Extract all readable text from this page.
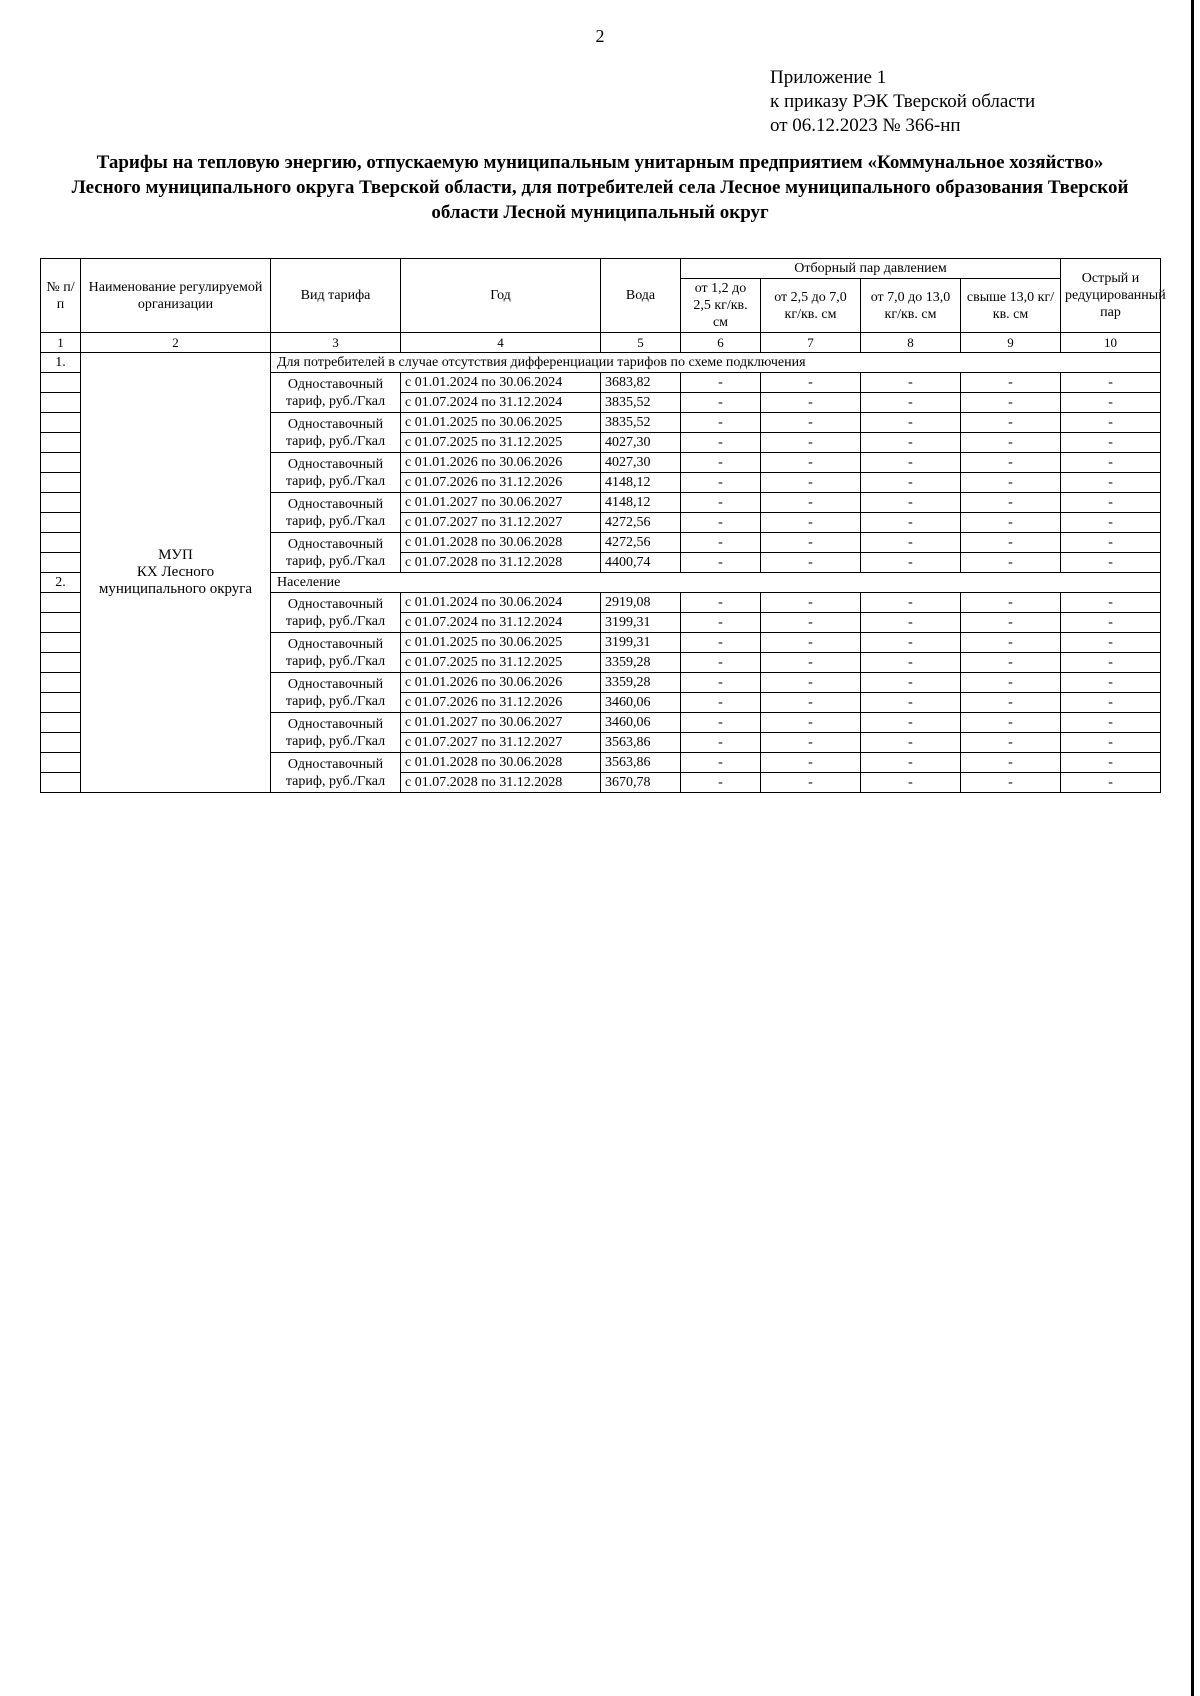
2
Приложение 1
к приказу РЭК Тверской области
от 06.12.2023 № 366-нп
Тарифы на тепловую энергию, отпускаемую муниципальным унитарным предприятием «Коммунальное хозяйство» Лесного муниципального округа Тверской области, для потребителей села Лесное муниципального образования Тверской области Лесной муниципальный округ
№ п/п	Наименование регулируемой организации	Вид тарифа	Год	Вода	Отборный пар давлением				Острый и редуцированный пар
					от 1,2 до 2,5 кг/кв. см	от 2,5 до 7,0 кг/кв. см	от 7,0 до 13,0 кг/кв. см	свыше 13,0 кг/кв. см	
1	2	3	4	5	6	7	8	9	10
1.	МУП
КХ Лесного
муниципального округа	Для потребителей в случае отсутствия дифференциации тарифов по схеме подключения							
		Одноставочный тариф, руб./Гкал	с 01.01.2024 по 30.06.2024	3683,82	-	-	-	-	-
			с 01.07.2024 по 31.12.2024	3835,52	-	-	-	-	-
		Одноставочный тариф, руб./Гкал	с 01.01.2025 по 30.06.2025	3835,52	-	-	-	-	-
			с 01.07.2025 по 31.12.2025	4027,30	-	-	-	-	-
		Одноставочный тариф, руб./Гкал	с 01.01.2026 по 30.06.2026	4027,30	-	-	-	-	-
			с 01.07.2026 по 31.12.2026	4148,12	-	-	-	-	-
		Одноставочный тариф, руб./Гкал	с 01.01.2027 по 30.06.2027	4148,12	-	-	-	-	-
			с 01.07.2027 по 31.12.2027	4272,56	-	-	-	-	-
		Одноставочный тариф, руб./Гкал	с 01.01.2028 по 30.06.2028	4272,56	-	-	-	-	-
			с 01.07.2028 по 31.12.2028	4400,74	-	-	-	-	-
2.		Население							
		Одноставочный тариф, руб./Гкал	с 01.01.2024 по 30.06.2024	2919,08	-	-	-	-	-
			с 01.07.2024 по 31.12.2024	3199,31	-	-	-	-	-
		Одноставочный тариф, руб./Гкал	с 01.01.2025 по 30.06.2025	3199,31	-	-	-	-	-
			с 01.07.2025 по 31.12.2025	3359,28	-	-	-	-	-
		Одноставочный тариф, руб./Гкал	с 01.01.2026 по 30.06.2026	3359,28	-	-	-	-	-
			с 01.07.2026 по 31.12.2026	3460,06	-	-	-	-	-
		Одноставочный тариф, руб./Гкал	с 01.01.2027 по 30.06.2027	3460,06	-	-	-	-	-
			с 01.07.2027 по 31.12.2027	3563,86	-	-	-	-	-
		Одноставочный тариф, руб./Гкал	с 01.01.2028 по 30.06.2028	3563,86	-	-	-	-	-
			с 01.07.2028 по 31.12.2028	3670,78	-	-	-	-	-
